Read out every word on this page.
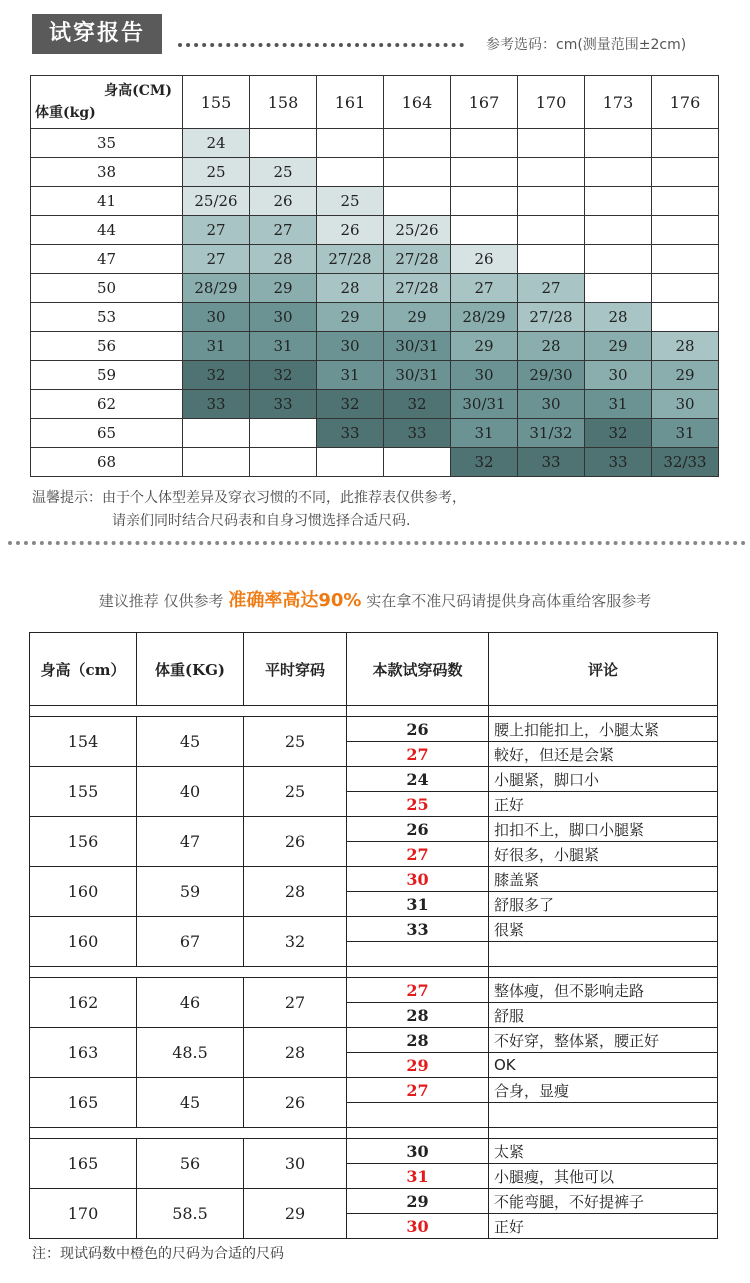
试穿报告	参考选码：cm(测量范围±2cm)
身高(CM)
体重(kg)	155	158	161	164	167	170	173	176
35	24							
38	25	25						
41	25/26	26	25					
44	27	27	26	25/26				
47	27	28	27/28	27/28	26			
50	28/29	29	28	27/28	27	27		
53	30	30	29	29	28/29	27/28	28	
56	31	31	30	30/31	29	28	29	28
59	32	32	31	30/31	30	29/30	30	29
62	33	33	32	32	30/31	30	31	30
65			33	33	31	31/32	32	31
68					32	33	33	32/33
温馨提示：由于个人体型差异及穿衣习惯的不同，此推荐表仅供参考，
请亲们同时结合尺码表和自身习惯选择合适尺码.
建议推荐 仅供参考 准确率高达90% 实在拿不准尺码请提供身高体重给客服参考
身高（cm）	体重(KG)	平时穿码	本款试穿码数	评论

154	45	25	26	腰上扣能扣上，小腿太紧
			27	較好，但还是会紧
155	40	25	24	小腿紧，脚口小
			25	正好
156	47	26	26	扣扣不上，脚口小腿紧
			27	好很多，小腿紧
160	59	28	30	膝盖紧
			31	舒服多了
160	67	32	33	很紧

162	46	27	27	整体瘦，但不影响走路
			28	舒服
163	48.5	28	28	不好穿，整体紧，腰正好
			29	OK
165	45	26	27	合身，显瘦

165	56	30	30	太紧
			31	小腿瘦，其他可以
170	58.5	29	29	不能弯腿，不好提裤子
			30	正好
注：现试码数中橙色的尺码为合适的尺码
